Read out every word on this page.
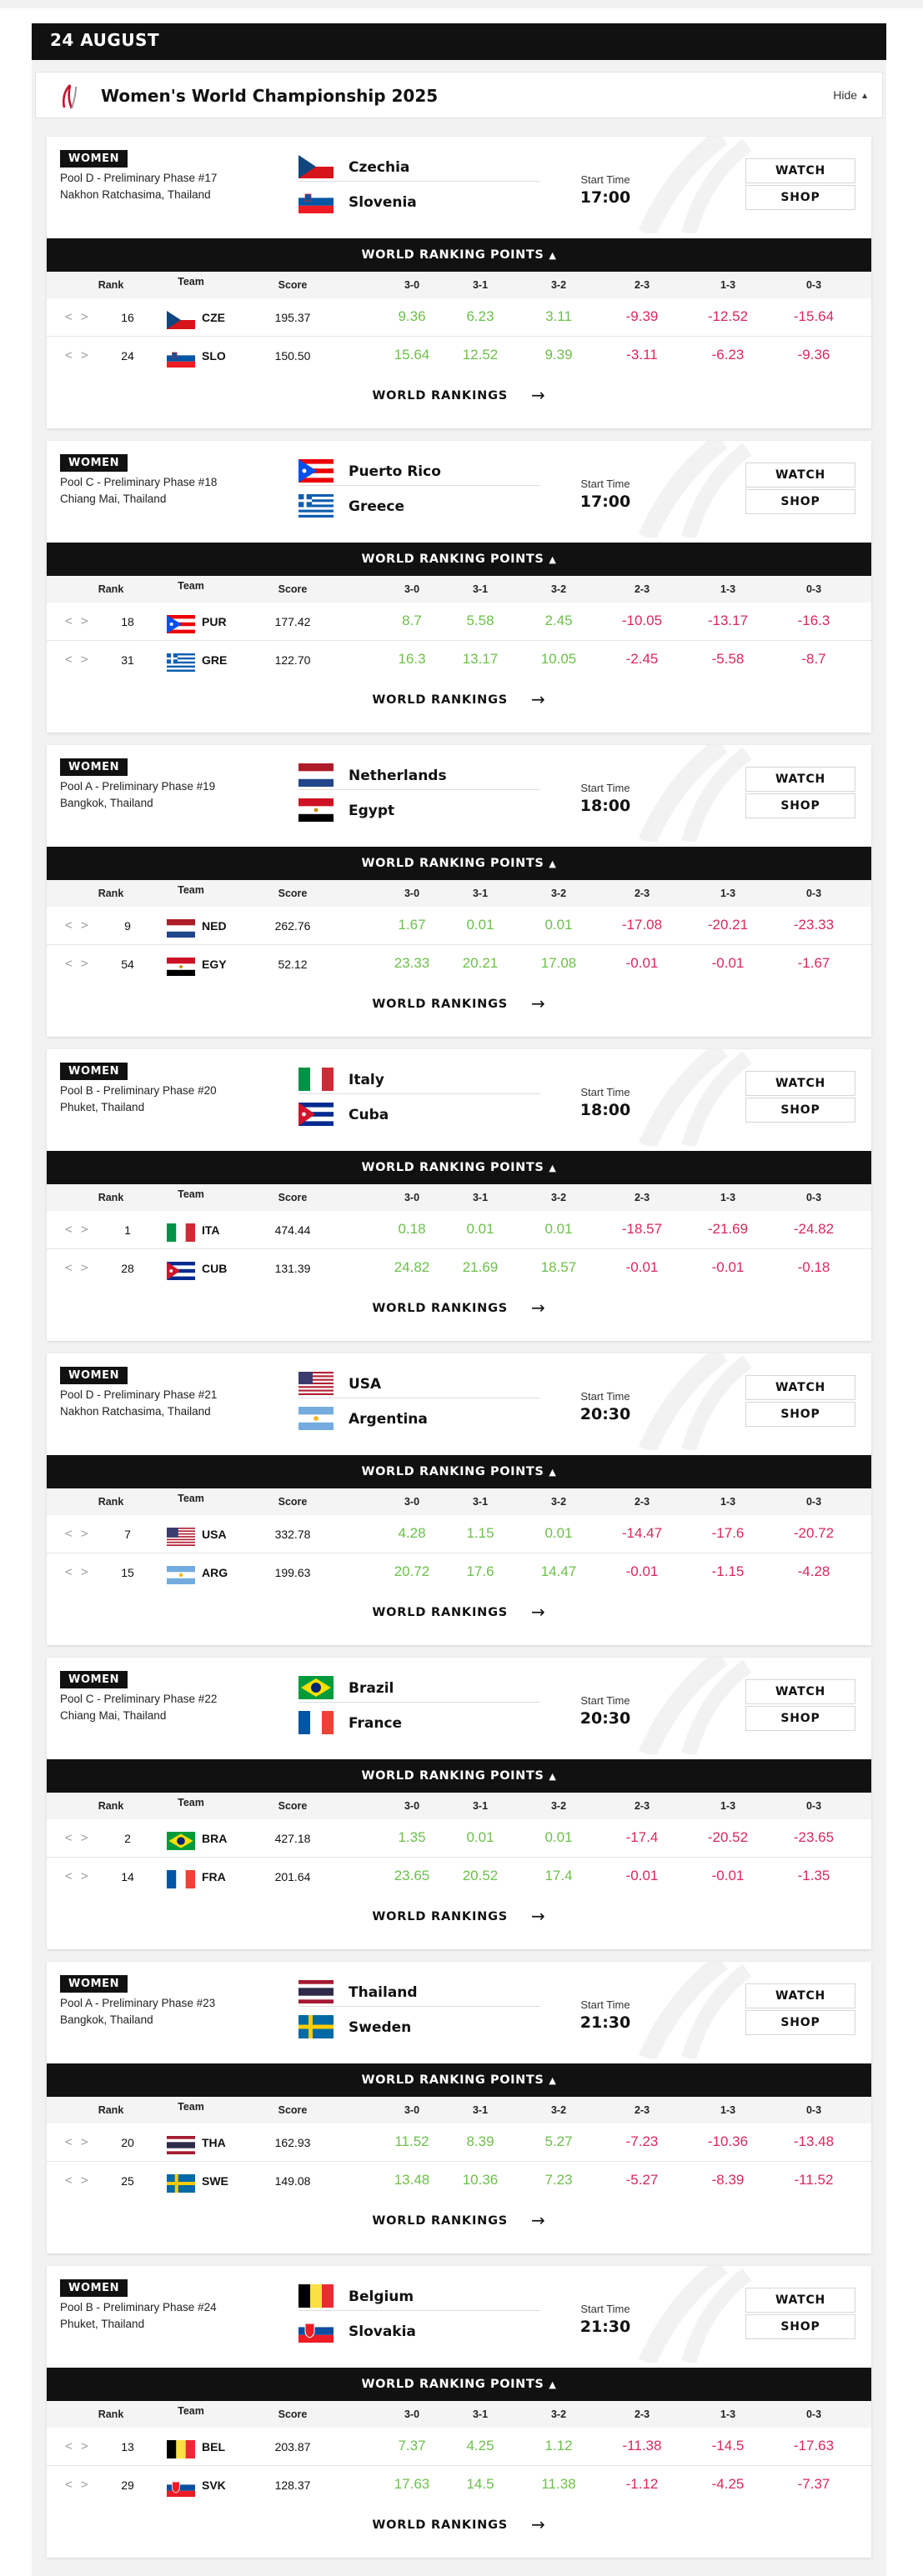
24 AUGUST
Women's World Championship 2025	Hide ▲
WOMEN
Pool D - Preliminary Phase #17
Nakhon Ratchasima, Thailand
Czechia
Slovenia
Start Time
17:00
WATCH
SHOP
WORLD RANKING POINTS ▲
Rank	Team	Score	3-0	3-1	3-2	2-3	1-3	0-3
< >	16	CZE	195.37	9.36	6.23	3.11	-9.39	-12.52	-15.64
< >	24	SLO	150.50	15.64	12.52	9.39	-3.11	-6.23	-9.36
WORLD RANKINGS →
WOMEN
Pool C - Preliminary Phase #18
Chiang Mai, Thailand
Puerto Rico
Greece
Start Time
17:00
WATCH
SHOP
WORLD RANKING POINTS ▲
Rank	Team	Score	3-0	3-1	3-2	2-3	1-3	0-3
< >	18	PUR	177.42	8.7	5.58	2.45	-10.05	-13.17	-16.3
< >	31	GRE	122.70	16.3	13.17	10.05	-2.45	-5.58	-8.7
WORLD RANKINGS →
WOMEN
Pool A - Preliminary Phase #19
Bangkok, Thailand
Netherlands
Egypt
Start Time
18:00
WATCH
SHOP
WORLD RANKING POINTS ▲
Rank	Team	Score	3-0	3-1	3-2	2-3	1-3	0-3
< >	9	NED	262.76	1.67	0.01	0.01	-17.08	-20.21	-23.33
< >	54	EGY	52.12	23.33	20.21	17.08	-0.01	-0.01	-1.67
WORLD RANKINGS →
WOMEN
Pool B - Preliminary Phase #20
Phuket, Thailand
Italy
Cuba
Start Time
18:00
WATCH
SHOP
WORLD RANKING POINTS ▲
Rank	Team	Score	3-0	3-1	3-2	2-3	1-3	0-3
< >	1	ITA	474.44	0.18	0.01	0.01	-18.57	-21.69	-24.82
< >	28	CUB	131.39	24.82	21.69	18.57	-0.01	-0.01	-0.18
WORLD RANKINGS →
WOMEN
Pool D - Preliminary Phase #21
Nakhon Ratchasima, Thailand
USA
Argentina
Start Time
20:30
WATCH
SHOP
WORLD RANKING POINTS ▲
Rank	Team	Score	3-0	3-1	3-2	2-3	1-3	0-3
< >	7	USA	332.78	4.28	1.15	0.01	-14.47	-17.6	-20.72
< >	15	ARG	199.63	20.72	17.6	14.47	-0.01	-1.15	-4.28
WORLD RANKINGS →
WOMEN
Pool C - Preliminary Phase #22
Chiang Mai, Thailand
Brazil
France
Start Time
20:30
WATCH
SHOP
WORLD RANKING POINTS ▲
Rank	Team	Score	3-0	3-1	3-2	2-3	1-3	0-3
< >	2	BRA	427.18	1.35	0.01	0.01	-17.4	-20.52	-23.65
< >	14	FRA	201.64	23.65	20.52	17.4	-0.01	-0.01	-1.35
WORLD RANKINGS →
WOMEN
Pool A - Preliminary Phase #23
Bangkok, Thailand
Thailand
Sweden
Start Time
21:30
WATCH
SHOP
WORLD RANKING POINTS ▲
Rank	Team	Score	3-0	3-1	3-2	2-3	1-3	0-3
< >	20	THA	162.93	11.52	8.39	5.27	-7.23	-10.36	-13.48
< >	25	SWE	149.08	13.48	10.36	7.23	-5.27	-8.39	-11.52
WORLD RANKINGS →
WOMEN
Pool B - Preliminary Phase #24
Phuket, Thailand
Belgium
Slovakia
Start Time
21:30
WATCH
SHOP
WORLD RANKING POINTS ▲
Rank	Team	Score	3-0	3-1	3-2	2-3	1-3	0-3
< >	13	BEL	203.87	7.37	4.25	1.12	-11.38	-14.5	-17.63
< >	29	SVK	128.37	17.63	14.5	11.38	-1.12	-4.25	-7.37
WORLD RANKINGS →
